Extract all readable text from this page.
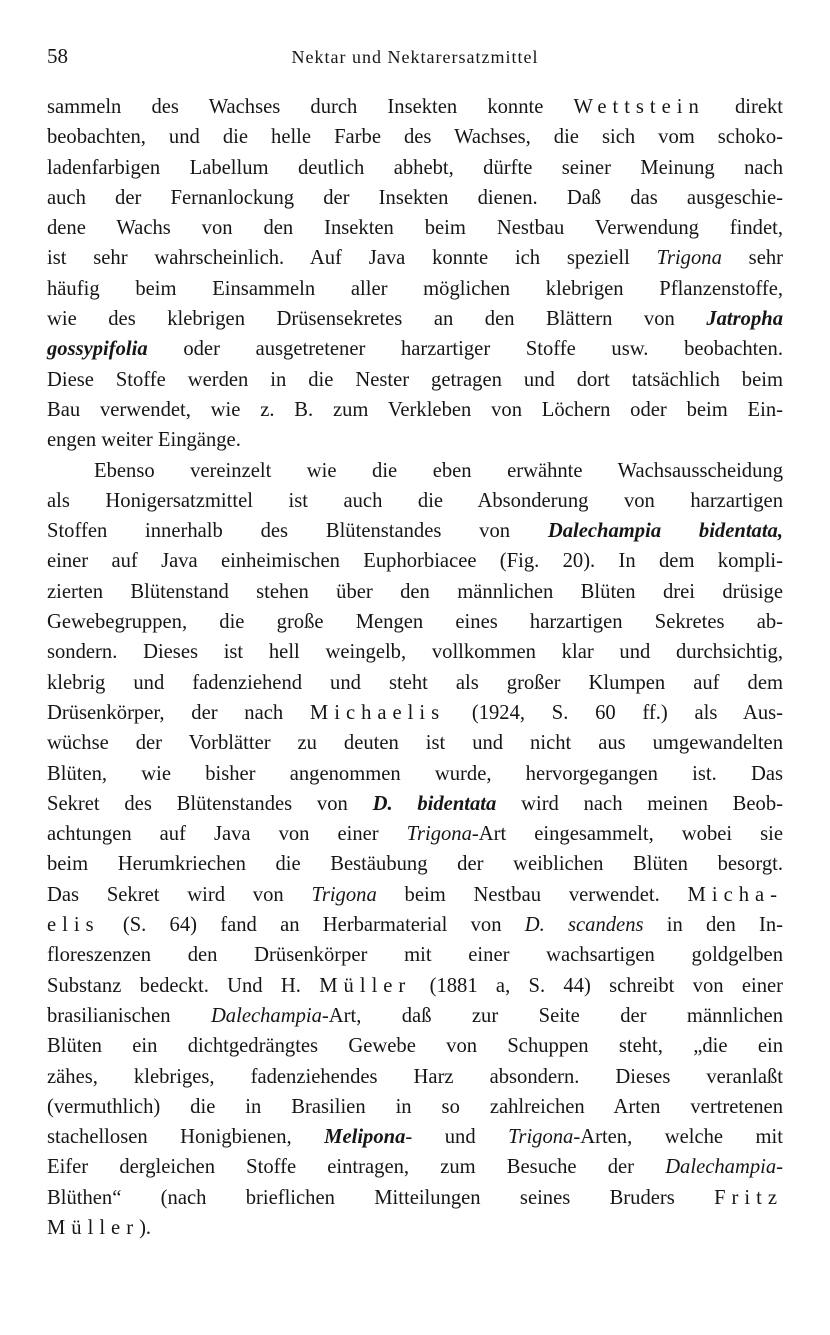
58	Nektar und Nektarersatzmittel
sammeln des Wachses durch Insekten konnte Wettstein direkt
beobachten, und die helle Farbe des Wachses, die sich vom schoko-
ladenfarbigen Labellum deutlich abhebt, dürfte seiner Meinung nach
auch der Fernanlockung der Insekten dienen. Daß das ausgeschie-
dene Wachs von den Insekten beim Nestbau Verwendung findet,
ist sehr wahrscheinlich. Auf Java konnte ich speziell Trigona sehr
häufig beim Einsammeln aller möglichen klebrigen Pflanzenstoffe,
wie des klebrigen Drüsensekretes an den Blättern von Jatropha
gossypifolia oder ausgetretener harzartiger Stoffe usw. beobachten.
Diese Stoffe werden in die Nester getragen und dort tatsächlich beim
Bau verwendet, wie z. B. zum Verkleben von Löchern oder beim Ein-
engen weiter Eingänge.
Ebenso vereinzelt wie die eben erwähnte Wachsausscheidung
als Honigersatzmittel ist auch die Absonderung von harzartigen
Stoffen innerhalb des Blütenstandes von Dalechampia bidentata,
einer auf Java einheimischen Euphorbiacee (Fig. 20). In dem kompli-
zierten Blütenstand stehen über den männlichen Blüten drei drüsige
Gewebegruppen, die große Mengen eines harzartigen Sekretes ab-
sondern. Dieses ist hell weingelb, vollkommen klar und durchsichtig,
klebrig und fadenziehend und steht als großer Klumpen auf dem
Drüsenkörper, der nach Michaelis (1924, S. 60 ff.) als Aus-
wüchse der Vorblätter zu deuten ist und nicht aus umgewandelten
Blüten, wie bisher angenommen wurde, hervorgegangen ist. Das
Sekret des Blütenstandes von D. bidentata wird nach meinen Beob-
achtungen auf Java von einer Trigona-Art eingesammelt, wobei sie
beim Herumkriechen die Bestäubung der weiblichen Blüten besorgt.
Das Sekret wird von Trigona beim Nestbau verwendet. Micha-
elis (S. 64) fand an Herbarmaterial von D. scandens in den In-
floreszenzen den Drüsenkörper mit einer wachsartigen goldgelben
Substanz bedeckt. Und H. Müller (1881 a, S. 44) schreibt von einer
brasilianischen Dalechampia-Art, daß zur Seite der männlichen
Blüten ein dichtgedrängtes Gewebe von Schuppen steht, „die ein
zähes, klebriges, fadenziehendes Harz absondern. Dieses veranlaßt
(vermuthlich) die in Brasilien in so zahlreichen Arten vertretenen
stachellosen Honigbienen, Melipona- und Trigona-Arten, welche mit
Eifer dergleichen Stoffe eintragen, zum Besuche der Dalechampia-
Blüthen“ (nach brieflichen Mitteilungen seines Bruders Fritz
Müller).
